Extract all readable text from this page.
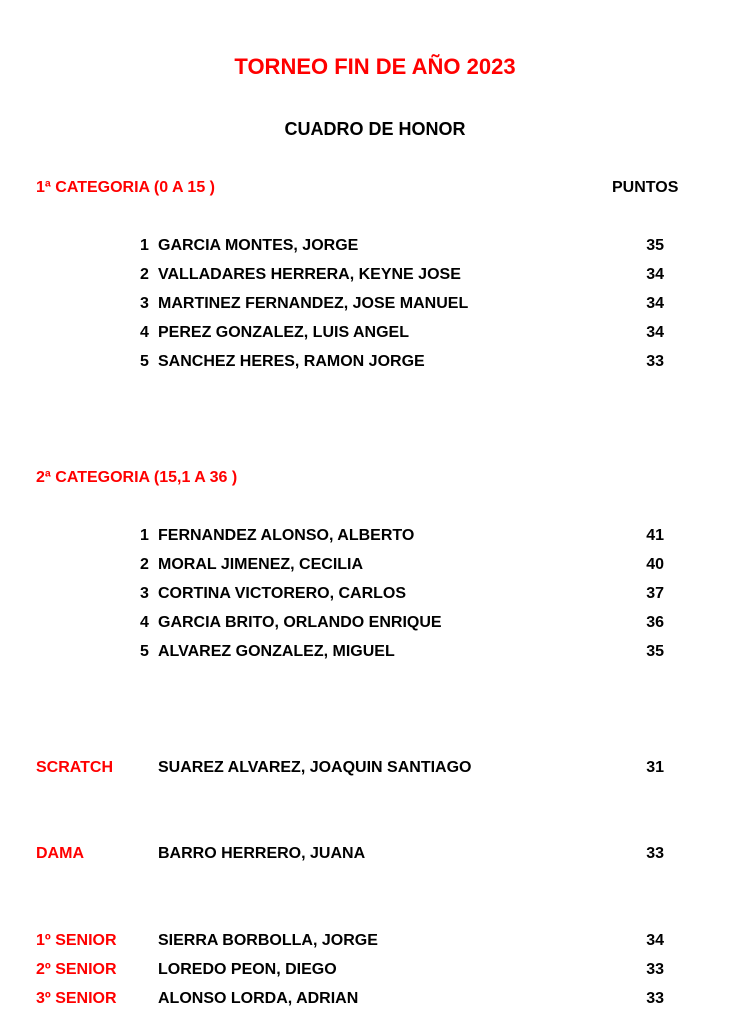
TORNEO FIN DE AÑO 2023
CUADRO DE HONOR
1ª CATEGORIA (0 A 15 )	PUNTOS
1 GARCIA MONTES, JORGE	35
2 VALLADARES HERRERA, KEYNE JOSE	34
3 MARTINEZ FERNANDEZ, JOSE MANUEL	34
4 PEREZ GONZALEZ, LUIS ANGEL	34
5 SANCHEZ HERES, RAMON JORGE	33
2ª CATEGORIA (15,1 A 36 )
1 FERNANDEZ ALONSO, ALBERTO	41
2 MORAL JIMENEZ, CECILIA	40
3 CORTINA VICTORERO, CARLOS	37
4 GARCIA BRITO, ORLANDO ENRIQUE	36
5 ALVAREZ GONZALEZ, MIGUEL	35
SCRATCH	SUAREZ ALVAREZ, JOAQUIN SANTIAGO	31
DAMA	BARRO HERRERO, JUANA	33
1º SENIOR	SIERRA BORBOLLA, JORGE	34
2º SENIOR	LOREDO PEON, DIEGO	33
3º SENIOR	ALONSO LORDA, ADRIAN	33
